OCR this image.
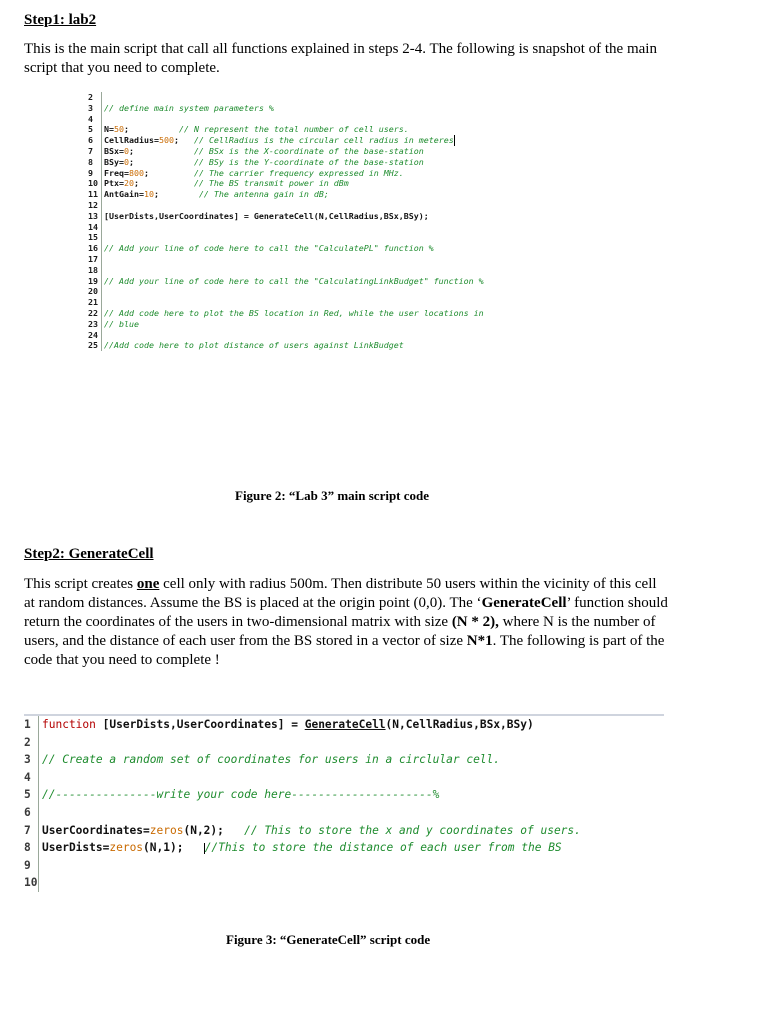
Step1: lab2

This is the main script that call all functions explained in steps 2-4. The following is snapshot of the main script that you need to complete.

2

3	// define main system parameters %
4

5	N=50;	// N represent the total number of cell users.
6	CellRadius=500; // CellRadius is the circular cell radius in meteres
7	BSx=0;	// BSx is the X-coordinate of the base-station
8	BSy=0;	// BSy is the Y-coordinate of the base-station
9	Freq=800;	// The carrier frequency expressed in MHz.
10 Ptx=20;	// The BS transmit power in dBm
11 AntGain=10;	// The antenna gain in dB;
12

13 [UserDists,UserCoordinates] = GenerateCell(N,CellRadius,BSx,BSy);
14

15

16 // Add your line of code here to call the "CalculatePL" function %
17

18

19 // Add your line of code here to call the "CalculatingLinkBudget" function %
20

21

22 // Add code here to plot the BS location in Red, while the user locations in
23 // blue
24

25 //Add code here to plot distance of users against LinkBudget

Figure 2: “Lab 3” main script code

Step2: GenerateCell

This script creates one cell only with radius 500m. Then distribute 50 users within the vicinity of this cell at random distances. Assume the BS is placed at the origin point (0,0). The ‘GenerateCell’ function should return the coordinates of the users in two-dimensional matrix with size (N * 2), where N is the number of users, and the distance of each user from the BS stored in a vector of size N*1. The following is part of the code that you need to complete !

1	function [UserDists,UserCoordinates] = GenerateCell(N,CellRadius,BSx,BSy)
2

3	// Create a random set of coordinates for users in a circlular cell.
4

5	//---------------write your code here---------------------%
6

7	UserCoordinates=zeros(N,2); // This to store the x and y coordinates of users.
8	UserDists=zeros(N,1); //This to store the distance of each user from the BS
9

10

Figure 3: “GenerateCell” script code
